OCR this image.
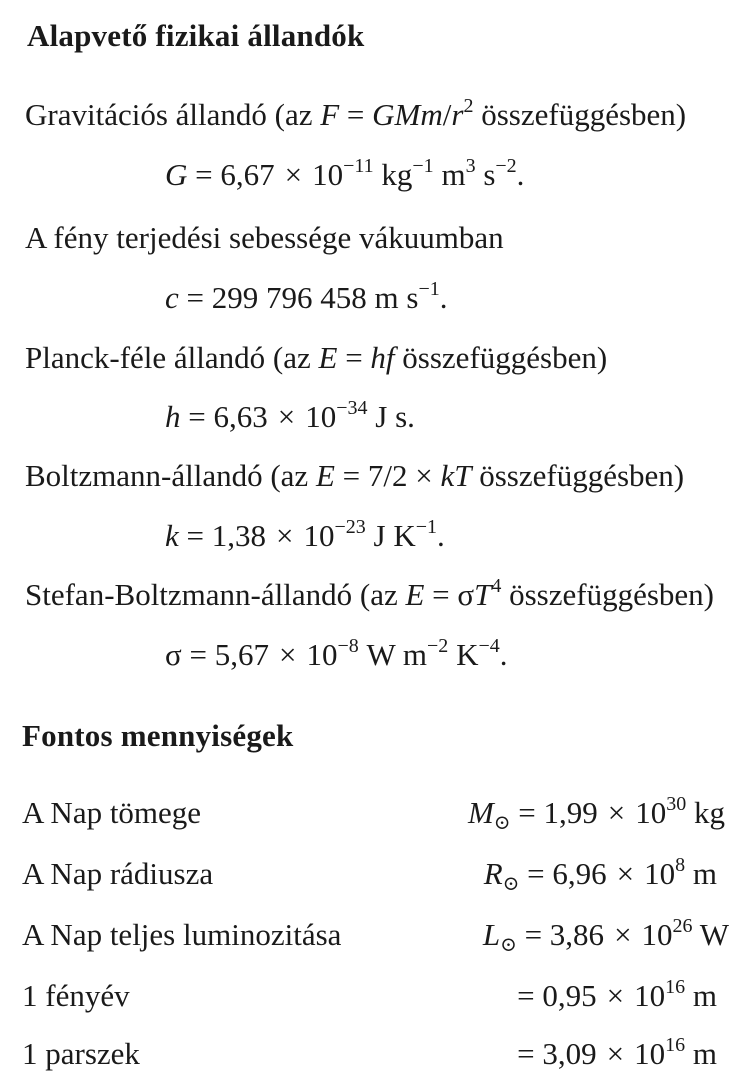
Alapvető fizikai állandók
Gravitációs állandó (az F = GMm/$r^2$ összefüggésben)
$G = 6,67 \times 10^{-11}$ $kg^{-1}$ $m^3$ $s^{-2}$.
A fény terjedési sebessége vákuumban
c = 299 796 458 m $s^{-1}$.
Planck-féle állandó (az E = hf összefüggésben)
$h = 6,63 \times 10^{-34}$ J s.
Boltzmann-állandó (az E = 7/2 × kT összefüggésben)
$k = 1,38 \times 10^{-23}$ J $K^{-1}$.
Stefan-Boltzmann-állandó (az $E = \sigma T^4$ összefüggésben)
$\sigma = 5,67 \times 10^{-8}$ W $m^{-2}$ $K^{-4}$.
Fontos mennyiségek
A Nap tömege	$M_⊙ = 1,99 \times 10^{30}$ kg
A Nap rádiusza	$R_⊙ = 6,96 \times 10^8$ m
A Nap teljes luminozitása	$L_⊙ = 3,86 \times 10^{26}$ W
1 fényév	= $0,95 \times 10^{16}$ m
1 parszek	= $3,09 \times 10^{16}$ m
